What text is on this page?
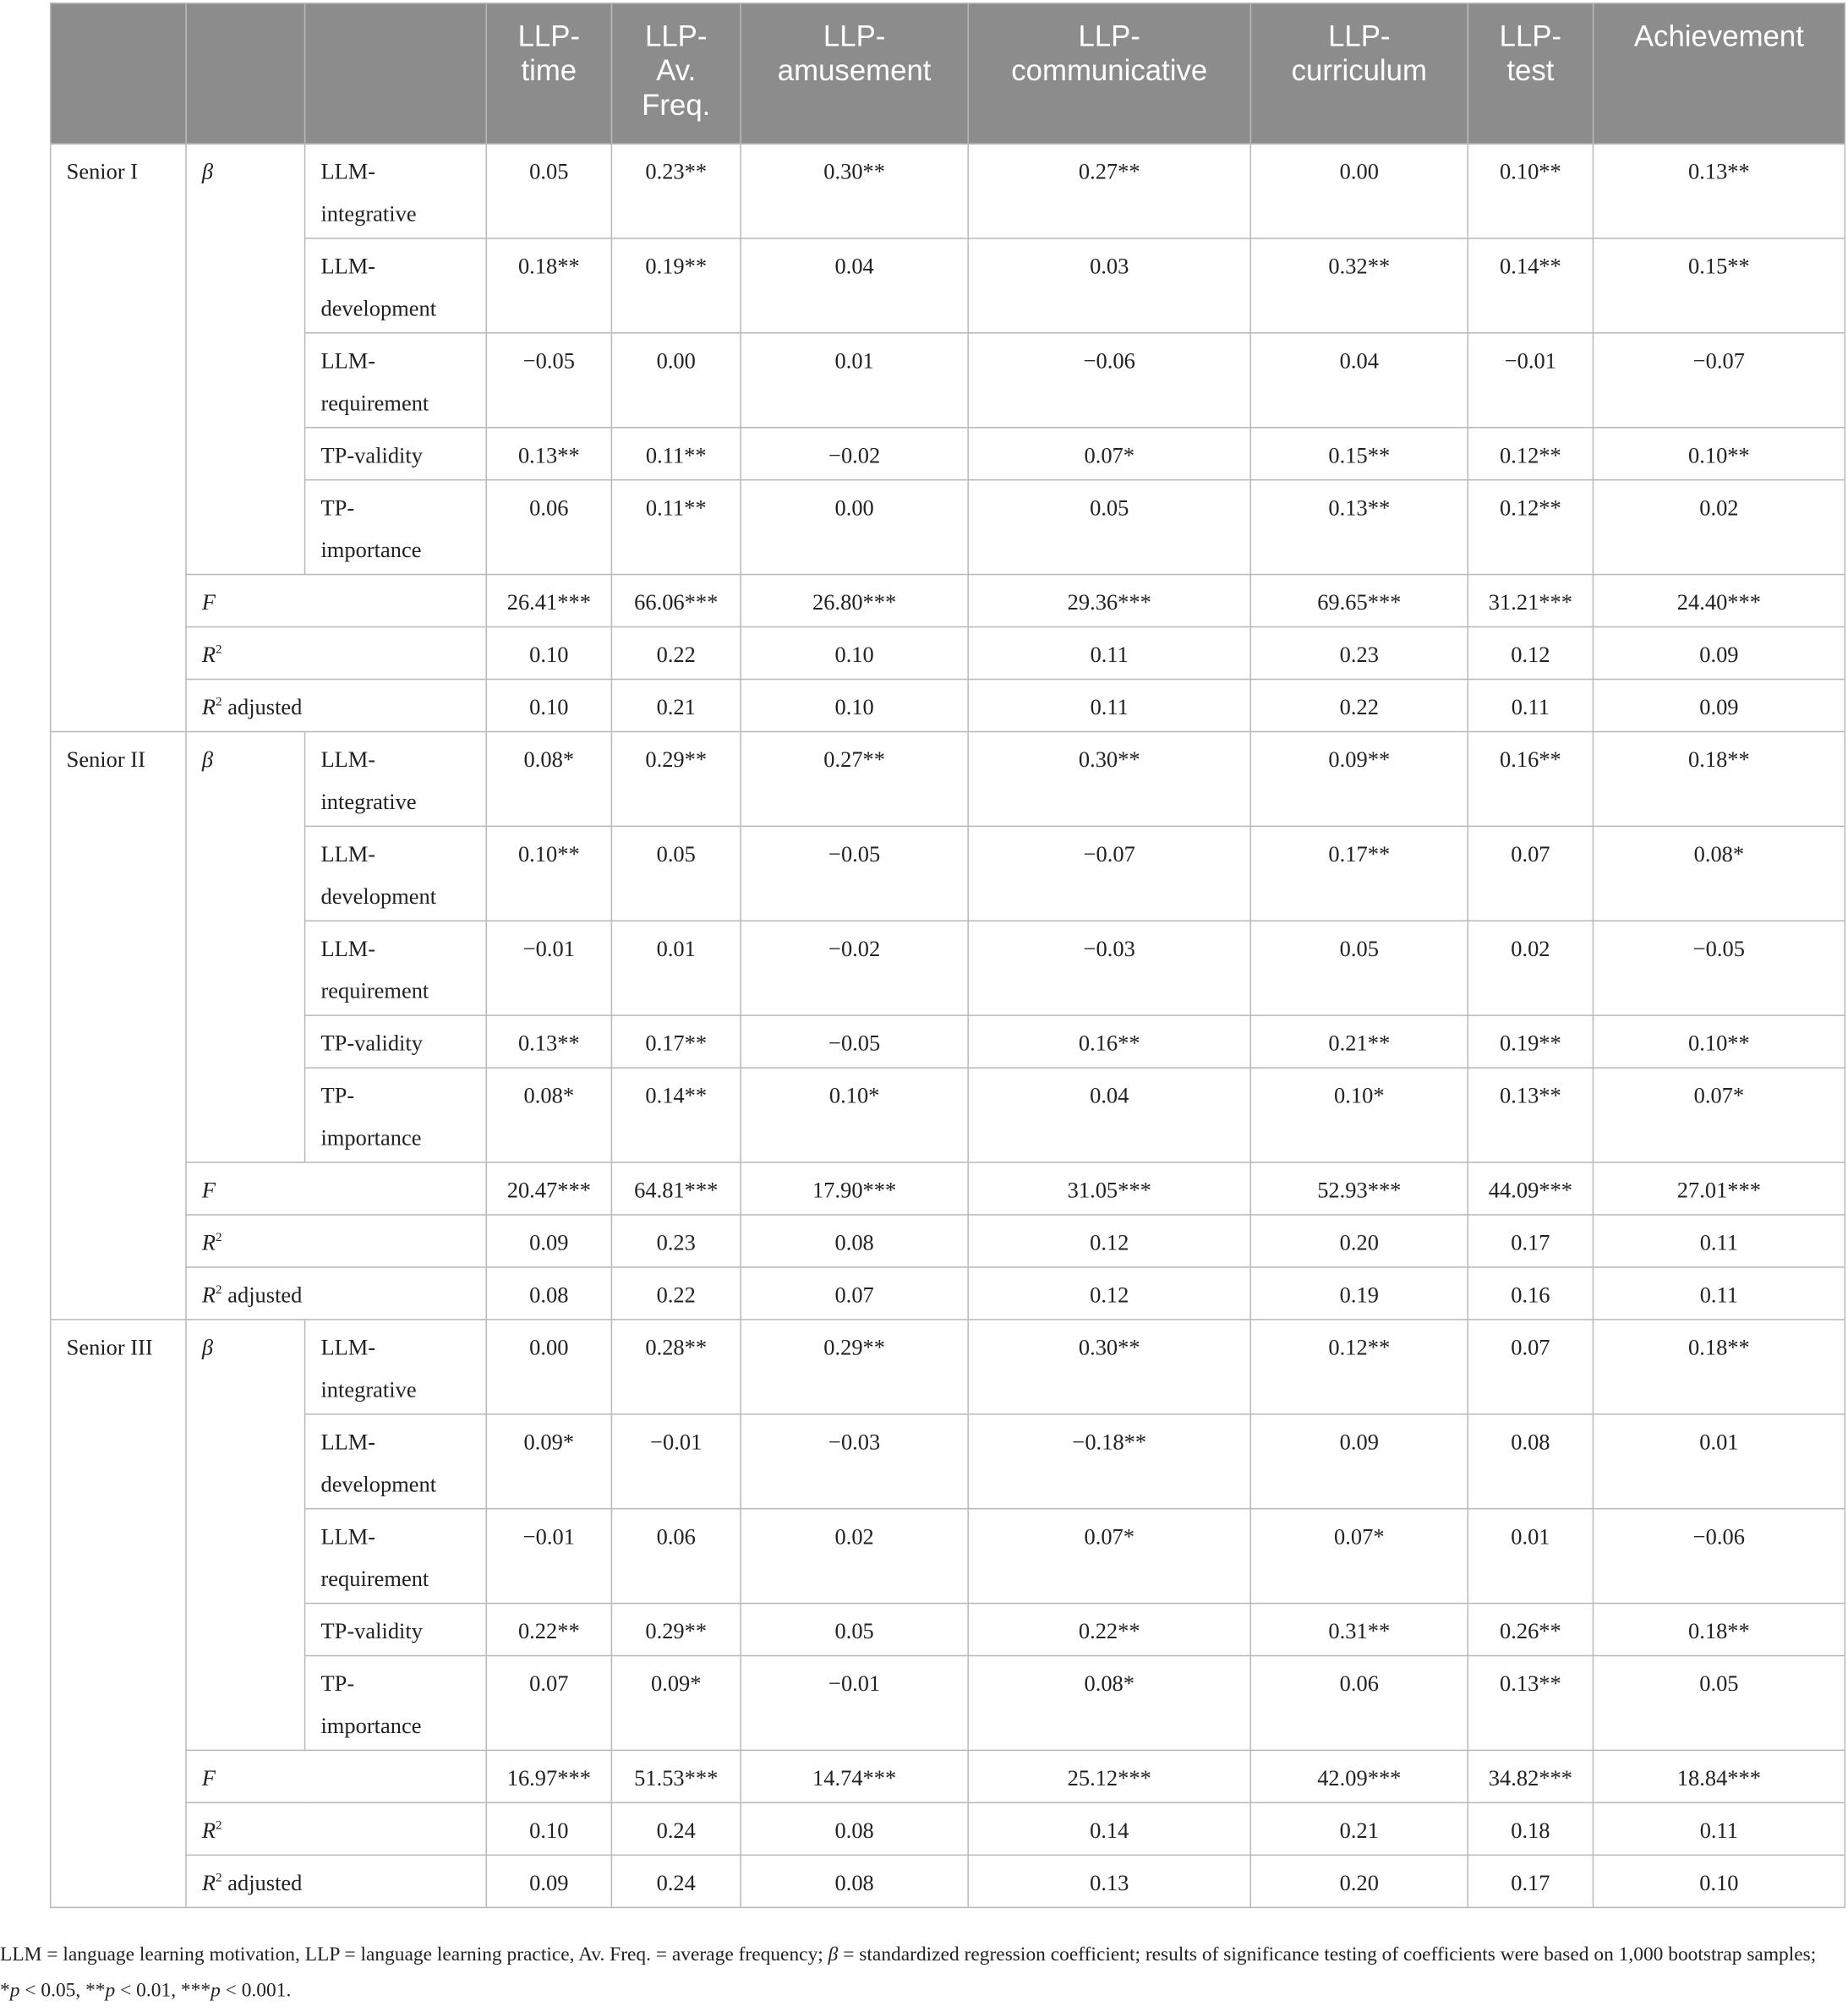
			LLP-
time	LLP-
Av.
Freq.	LLP-
amusement	LLP-
communicative	LLP-
curriculum	LLP-
test	Achievement
Senior I	β	LLM-
integrative	0.05	0.23**	0.30**	0.27**	0.00	0.10**	0.13**
		LLM-
development	0.18**	0.19**	0.04	0.03	0.32**	0.14**	0.15**
		LLM-
requirement	−0.05	0.00	0.01	−0.06	0.04	−0.01	−0.07
		TP-validity	0.13**	0.11**	−0.02	0.07*	0.15**	0.12**	0.10**
		TP-
importance	0.06	0.11**	0.00	0.05	0.13**	0.12**	0.02
	F		26.41***	66.06***	26.80***	29.36***	69.65***	31.21***	24.40***
	$R^2$		0.10	0.22	0.10	0.11	0.23	0.12	0.09
	$R^2$ adjusted		0.10	0.21	0.10	0.11	0.22	0.11	0.09
Senior II	β	LLM-
integrative	0.08*	0.29**	0.27**	0.30**	0.09**	0.16**	0.18**
		LLM-
development	0.10**	0.05	−0.05	−0.07	0.17**	0.07	0.08*
		LLM-
requirement	−0.01	0.01	−0.02	−0.03	0.05	0.02	−0.05
		TP-validity	0.13**	0.17**	−0.05	0.16**	0.21**	0.19**	0.10**
		TP-
importance	0.08*	0.14**	0.10*	0.04	0.10*	0.13**	0.07*
	F		20.47***	64.81***	17.90***	31.05***	52.93***	44.09***	27.01***
	$R^2$		0.09	0.23	0.08	0.12	0.20	0.17	0.11
	$R^2$ adjusted		0.08	0.22	0.07	0.12	0.19	0.16	0.11
Senior III	β	LLM-
integrative	0.00	0.28**	0.29**	0.30**	0.12**	0.07	0.18**
		LLM-
development	0.09*	−0.01	−0.03	−0.18**	0.09	0.08	0.01
		LLM-
requirement	−0.01	0.06	0.02	0.07*	0.07*	0.01	−0.06
		TP-validity	0.22**	0.29**	0.05	0.22**	0.31**	0.26**	0.18**
		TP-
importance	0.07	0.09*	−0.01	0.08*	0.06	0.13**	0.05
	F		16.97***	51.53***	14.74***	25.12***	42.09***	34.82***	18.84***
	$R^2$		0.10	0.24	0.08	0.14	0.21	0.18	0.11
	$R^2$ adjusted		0.09	0.24	0.08	0.13	0.20	0.17	0.10
LLM = language learning motivation, LLP = language learning practice, Av. Freq. = average frequency; β = standardized regression coefficient; results of significance testing of coefficients were based on 1,000 bootstrap samples; *p < 0.05, **p < 0.01, ***p < 0.001.
